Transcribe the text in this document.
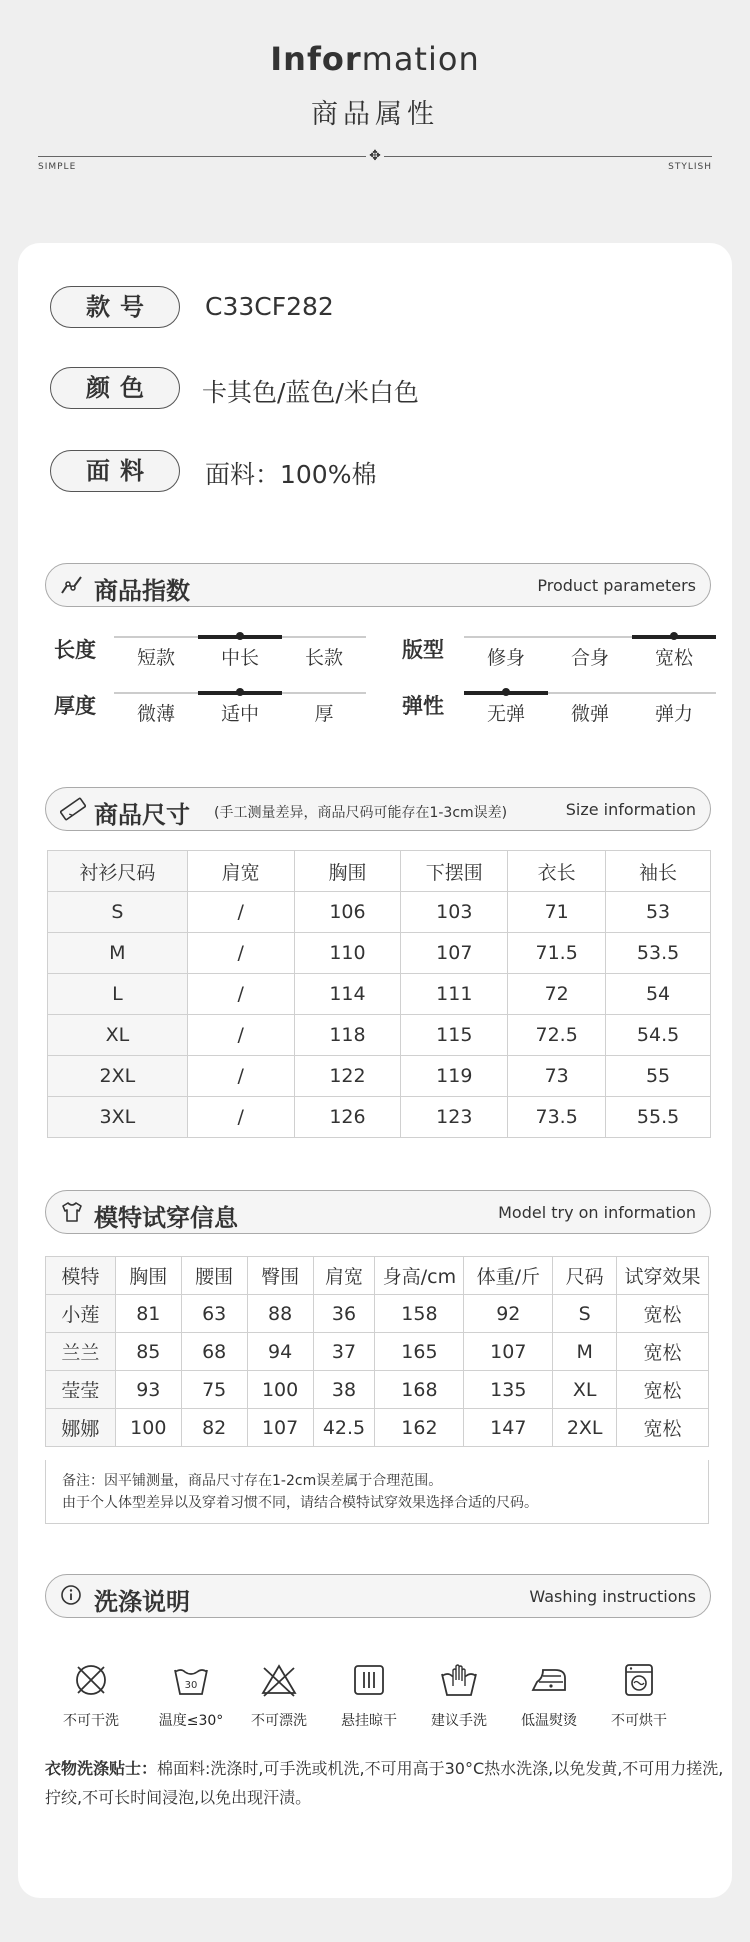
Information
商品属性
✥
SIMPLE	STYLISH
款号	C33CF282
颜色	卡其色/蓝色/米白色
面料	面料：100%棉
商品指数	Product parameters
长度	短款	中长	长款	版型	修身	合身	宽松
厚度	微薄	适中	厚	弹性	无弹	微弹	弹力
商品尺寸 (手工测量差异，商品尺码可能存在1-3cm误差)	Size information
衬衫尺码	肩宽	胸围	下摆围	衣长	袖长
S	/	106	103	71	53
M	/	110	107	71.5	53.5
L	/	114	111	72	54
XL	/	118	115	72.5	54.5
2XL	/	122	119	73	55
3XL	/	126	123	73.5	55.5
模特试穿信息	Model try on information
模特	胸围	腰围	臀围	肩宽	身高/cm	体重/斤	尺码	试穿效果
小莲	81	63	88	36	158	92	S	宽松
兰兰	85	68	94	37	165	107	M	宽松
莹莹	93	75	100	38	168	135	XL	宽松
娜娜	100	82	107	42.5	162	147	2XL	宽松
备注：因平铺测量，商品尺寸存在1-2cm误差属于合理范围。
由于个人体型差异以及穿着习惯不同，请结合模特试穿效果选择合适的尺码。
洗涤说明	Washing instructions
不可干洗
30
温度≤30°	不可漂洗	悬挂晾干	建议手洗	低温熨烫	不可烘干
衣物洗涤贴士：棉面料:洗涤时,可手洗或机洗,不可用高于30°C热水洗涤,以免发黄,不可用力搓洗,拧绞,不可长时间浸泡,以免出现汗渍。
